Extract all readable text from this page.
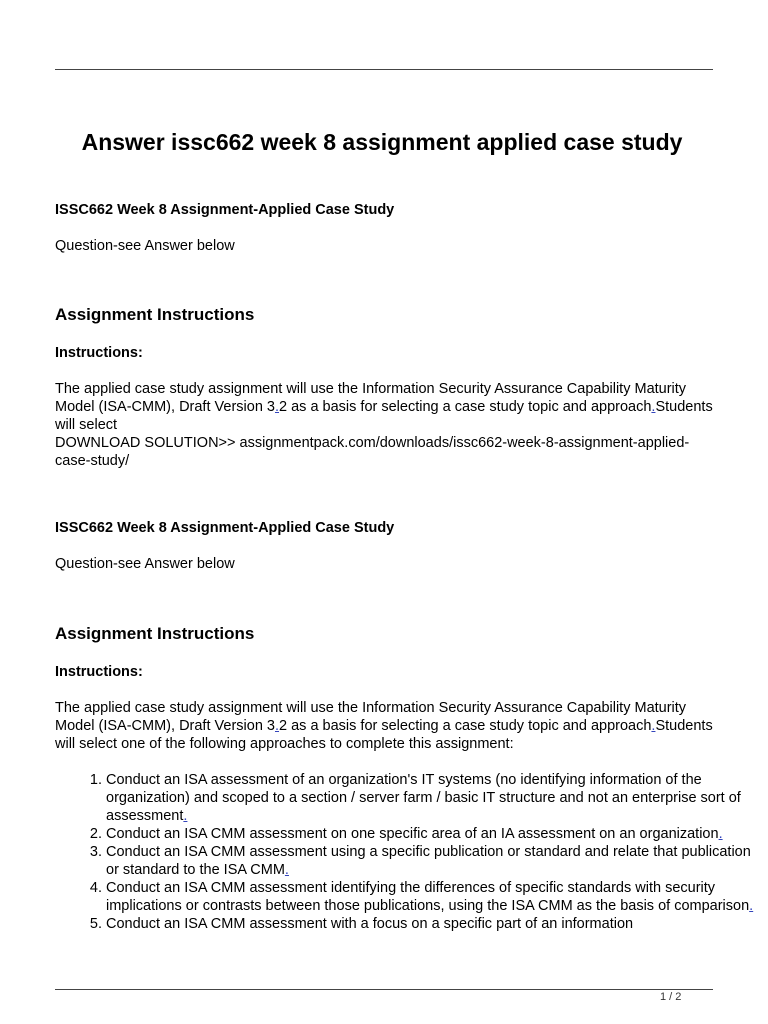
Answer issc662 week 8 assignment applied case study

ISSC662 Week 8 Assignment-Applied Case Study

Question-see Answer below

Assignment Instructions

Instructions:

The applied case study assignment will use the Information Security Assurance Capability Maturity Model (ISA-CMM), Draft Version 3.2 as a basis for selecting a case study topic and approach.Students will select
DOWNLOAD SOLUTION>> assignmentpack.com/downloads/issc662-week-8-assignment-applied-case-study/

ISSC662 Week 8 Assignment-Applied Case Study

Question-see Answer below

Assignment Instructions

Instructions:

The applied case study assignment will use the Information Security Assurance Capability Maturity Model (ISA-CMM), Draft Version 3.2 as a basis for selecting a case study topic and approach.Students will select one of the following approaches to complete this assignment:

1. Conduct an ISA assessment of an organization's IT systems (no identifying information of the organization) and scoped to a section / server farm / basic IT structure and not an enterprise sort of assessment.
2. Conduct an ISA CMM assessment on one specific area of an IA assessment on an organization.
3. Conduct an ISA CMM assessment using a specific publication or standard and relate that publication or standard to the ISA CMM.
4. Conduct an ISA CMM assessment identifying the differences of specific standards with security implications or contrasts between those publications, using the ISA CMM as the basis of comparison.
5. Conduct an ISA CMM assessment with a focus on a specific part of an information
1 / 2
